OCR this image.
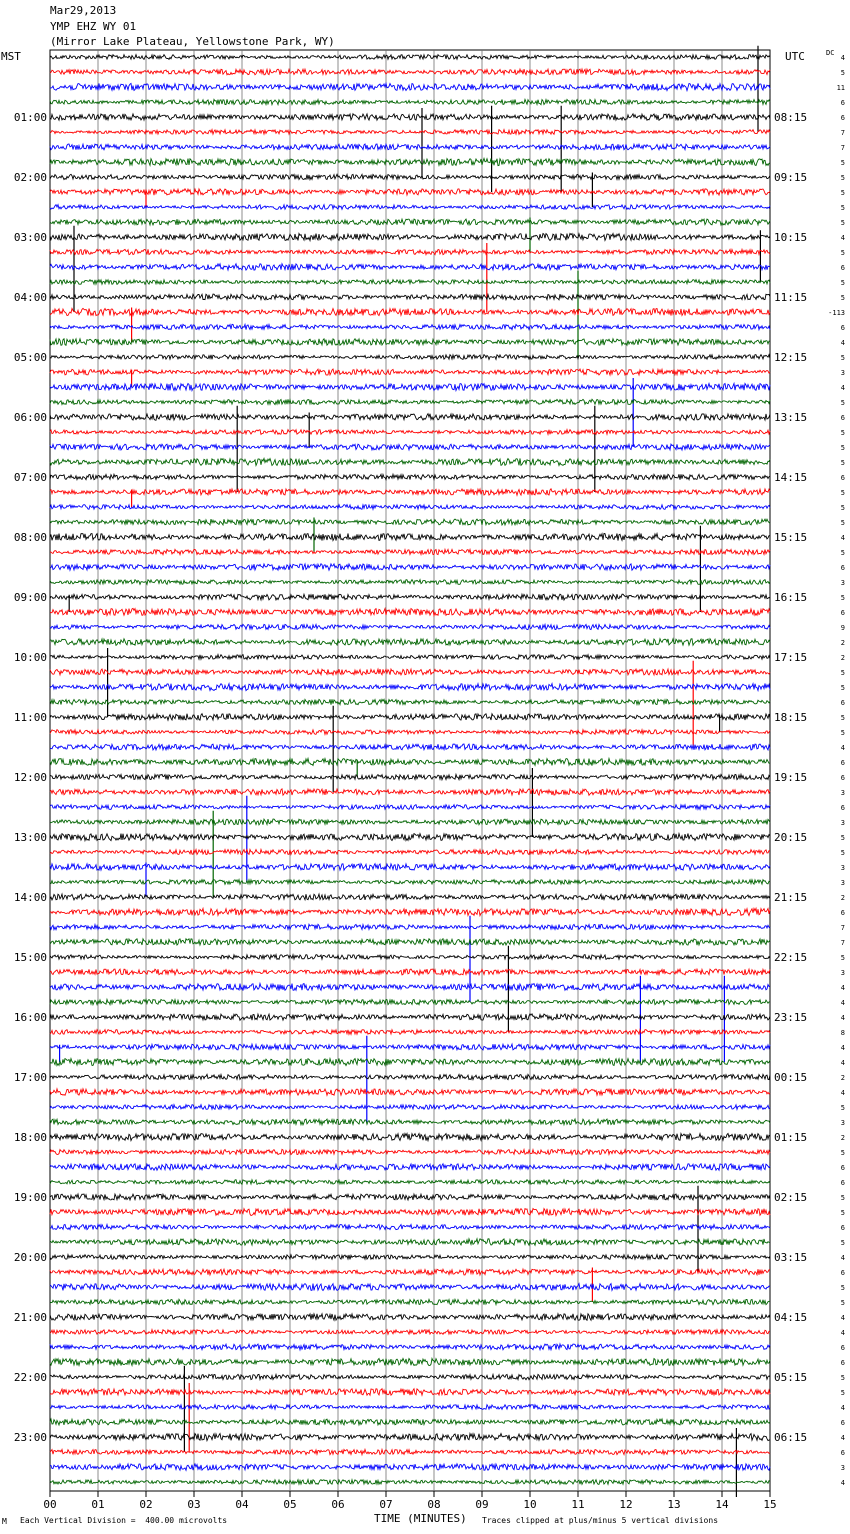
Mar29,2013
YMP EHZ WY 01
(Mirror Lake Plateau, Yellowstone Park, WY)
MST	UTC	DC
01:00	08:15
02:00	09:15
03:00	10:15
04:00	11:15
05:00	12:15
06:00	13:15
07:00	14:15
08:00	15:15
09:00	16:15
10:00	17:15
11:00	18:15
12:00	19:15
13:00	20:15
14:00	21:15
15:00	22:15
16:00	23:15
17:00	00:15
18:00	01:15
19:00	02:15
20:00	03:15
21:00	04:15
22:00	05:15
23:00	06:15
4
5
11
6
6
7
7
5
5
5
5
5
4
5
6
5
5
-113
6
4
5
3
4
5
6
5
5
5
6
5
5
5
4
5
6
3
5
6
9
2
2
5
5
6
5
5
4
6
6
3
6
3
5
5
3
3
2
6
7
7
5
3
4
4
4
8
4
4
2
4
5
3
2
5
6
6
5
5
6
5
4
6
5
5
4
4
6
6
5
5
4
6
4
6
3
4
00	01	02	03	04	05	06	07	08	09	10	11	12	13	14	15
M Each Vertical Division =  400.00 microvolts	TIME (MINUTES) Traces clipped at plus/minus 5 vertical divisions
